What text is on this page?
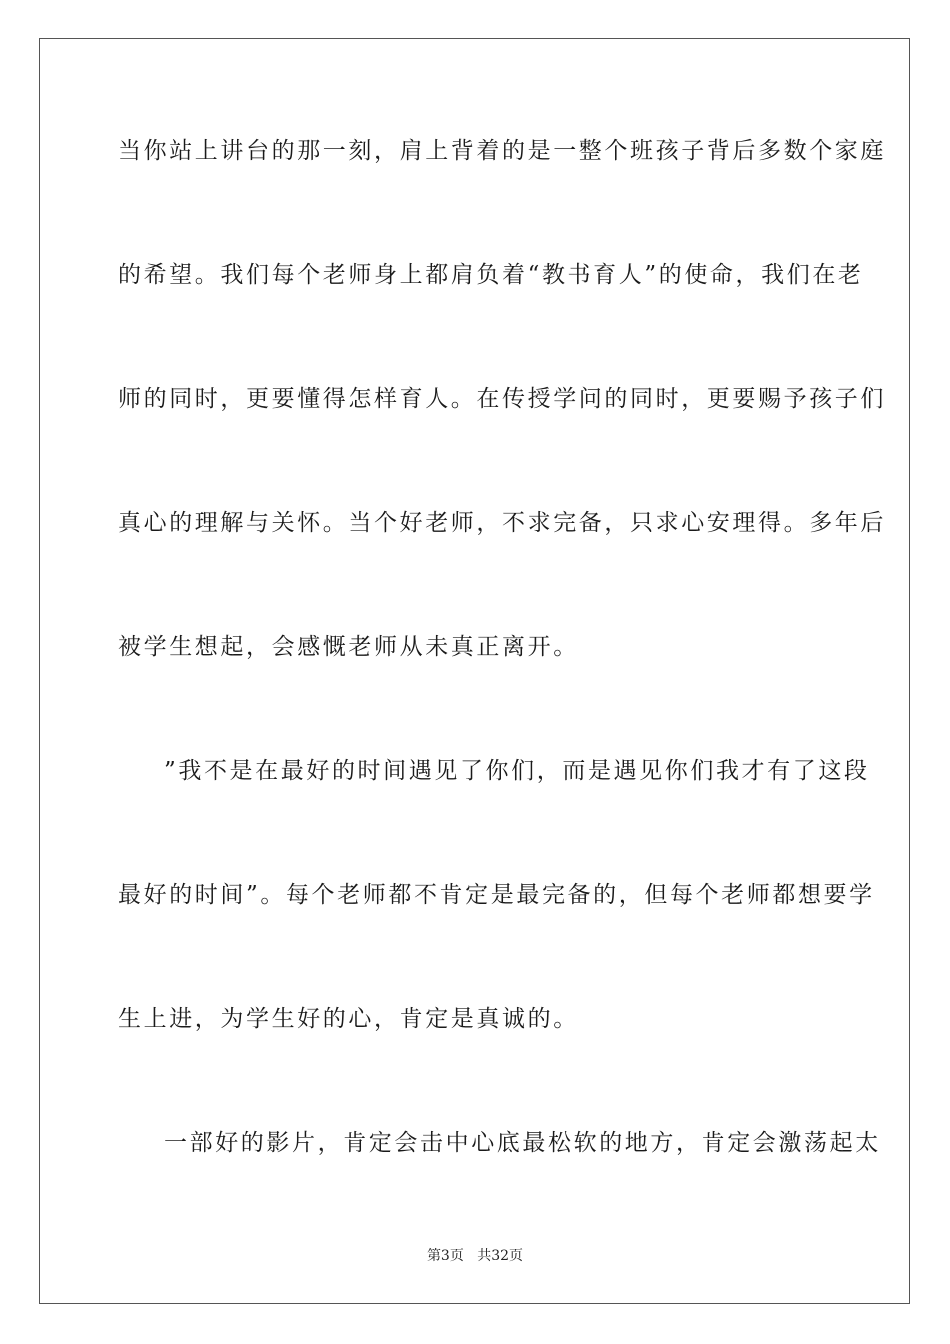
当你站上讲台的那一刻，肩上背着的是一整个班孩子背后多数个家庭
的希望。我们每个老师身上都肩负着“教书育人”的使命，我们在老
师的同时，更要懂得怎样育人。在传授学问的同时，更要赐予孩子们
真心的理解与关怀。当个好老师，不求完备，只求心安理得。多年后
被学生想起，会感慨老师从未真正离开。
”我不是在最好的时间遇见了你们，而是遇见你们我才有了这段
最好的时间”。每个老师都不肯定是最完备的，但每个老师都想要学
生上进，为学生好的心，肯定是真诚的。
一部好的影片，肯定会击中心底最松软的地方，肯定会激荡起太
第3页 共32页
